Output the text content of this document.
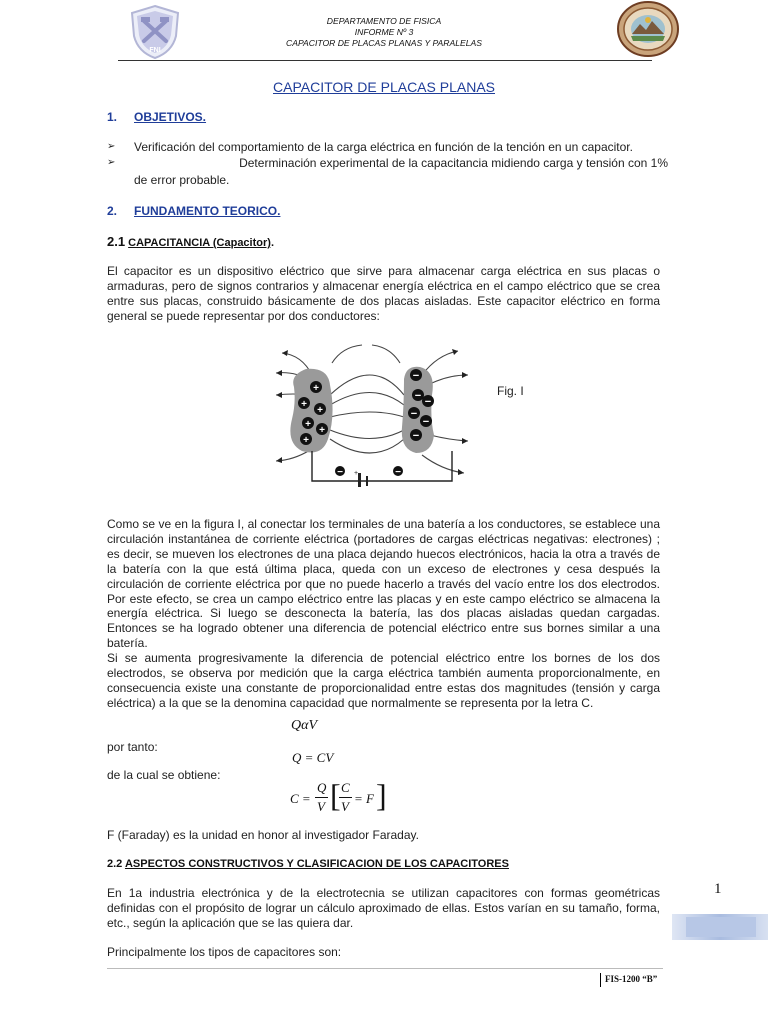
FNI
DEPARTAMENTO DE FISICA
INFORME Nº 3
CAPACITOR DE PLACAS PLANAS Y PARALELAS
CAPACITOR DE PLACAS PLANAS
1. OBJETIVOS.
➢ Verificación del comportamiento de la carga eléctrica en función de la tención en un capacitor.
➢	Determinación experimental de la capacitancia midiendo carga y tensión con 1%
de error probable.
2. FUNDAMENTO TEORICO.
2.1 CAPACITANCIA (Capacitor).
El capacitor es un dispositivo eléctrico que sirve para almacenar carga eléctrica en sus placas o armaduras, pero de signos contrarios y almacenar energía eléctrica en el campo eléctrico que se crea entre sus placas, construido básicamente de dos placas aisladas. Este capacitor eléctrico en forma general se puede representar por dos conductores:
+
+
+
+
+
+
−
− −
−
−
−
+
−	−
Fig. I
Como se ve en la figura I, al conectar los terminales de una batería a los conductores, se establece una circulación instantánea de corriente eléctrica (portadores de cargas eléctricas negativas: electrones) ; es decir, se mueven los electrones de una placa dejando huecos electrónicos, hacia la otra a través de la batería con la que está última placa, queda con un exceso de electrones y cesa después la circulación de corriente eléctrica por que no puede hacerlo a través del vacío entre los dos electrodos. Por este efecto, se crea un campo eléctrico entre las placas y en este campo eléctrico se almacena la energía eléctrica. Si luego se desconecta la batería, las dos placas aisladas quedan cargadas. Entonces se ha logrado obtener una diferencia de potencial eléctrico entre sus bornes similar a una batería.
Si se aumenta progresivamente la diferencia de potencial eléctrico entre los bornes de los dos electrodos, se observa por medición que la carga eléctrica también aumenta proporcionalmente, en consecuencia existe una constante de proporcionalidad entre estas dos magnitudes (tensión y carga eléctrica) a la que se la denomina capacidad que normalmente se representa por la letra C.
QαV
por tanto:
Q = CV
de la cual se obtiene:
C =
Q
V [ C
V
= F ]
F (Faraday) es la unidad en honor al investigador Faraday.
2.2 ASPECTOS CONSTRUCTIVOS Y CLASIFICACION DE LOS CAPACITORES
En 1a industria electrónica y de la electrotecnia se utilizan capacitores con formas geométricas definidas con el propósito de lograr un cálculo aproximado de ellas. Estos varían en su tamaño, forma, etc., según la aplicación que se las quiera dar.
Principalmente los tipos de capacitores son:
1
FIS-1200 “B”
